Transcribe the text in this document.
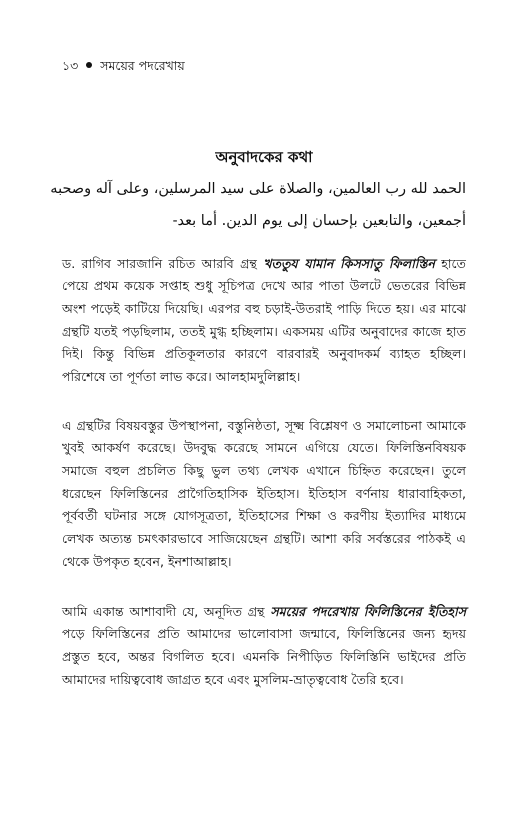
১৩ সময়ের পদরেখায়
অনুবাদকের কথা
الحمد لله رب العالمين، والصلاة على سيد المرسلين، وعلى آله وصحبه
أجمعين، والتابعين بإحسان إلى يوم الدين. أما بعد-

ড. রাগিব সারজানি রচিত আরবি গ্রন্থ খততুয যামান কিসসাতু ফিলাস্তিন হাতে পেয়ে প্রথম কয়েক সপ্তাহ শুধু সূচিপত্র দেখে আর পাতা উলটে ভেতরের বিভিন্ন অংশ পড়েই কাটিয়ে দিয়েছি। এরপর বহু চড়াই-উতরাই পাড়ি দিতে হয়। এর মাঝে গ্রন্থটি যতই পড়ছিলাম, ততই মুগ্ধ হচ্ছিলাম। একসময় এটির অনুবাদের কাজে হাত দিই। কিন্তু বিভিন্ন প্রতিকূলতার কারণে বারবারই অনুবাদকর্ম ব্যাহত হচ্ছিল। পরিশেষে তা পূর্ণতা লাভ করে। আলহামদুলিল্লাহ।

এ গ্রন্থটির বিষয়বস্তুর উপস্থাপনা, বস্তুনিষ্ঠতা, সূক্ষ্ম বিশ্লেষণ ও সমালোচনা আমাকে খুবই আকর্ষণ করেছে। উদবুদ্ধ করেছে সামনে এগিয়ে যেতে। ফিলিস্তিনবিষয়ক সমাজে বহুল প্রচলিত কিছু ভুল তথ্য লেখক এখানে চিহ্নিত করেছেন। তুলে ধরেছেন ফিলিস্তিনের প্রাগৈতিহাসিক ইতিহাস। ইতিহাস বর্ণনায় ধারাবাহিকতা, পূর্ববর্তী ঘটনার সঙ্গে যোগসূত্রতা, ইতিহাসের শিক্ষা ও করণীয় ইত্যাদির মাধ্যমে লেখক অত্যন্ত চমৎকারভাবে সাজিয়েছেন গ্রন্থটি। আশা করি সর্বস্তরের পাঠকই এ থেকে উপকৃত হবেন, ইনশাআল্লাহ।

আমি একান্ত আশাবাদী যে, অনূদিত গ্রন্থ সময়ের পদরেখায় ফিলিস্তিনের ইতিহাস পড়ে ফিলিস্তিনের প্রতি আমাদের ভালোবাসা জন্মাবে, ফিলিস্তিনের জন্য হৃদয় প্রস্তুত হবে, অন্তর বিগলিত হবে। এমনকি নিপীড়িত ফিলিস্তিনি ভাইদের প্রতি আমাদের দায়িত্ববোধ জাগ্রত হবে এবং মুসলিম-ভ্রাতৃত্ববোধ তৈরি হবে।
